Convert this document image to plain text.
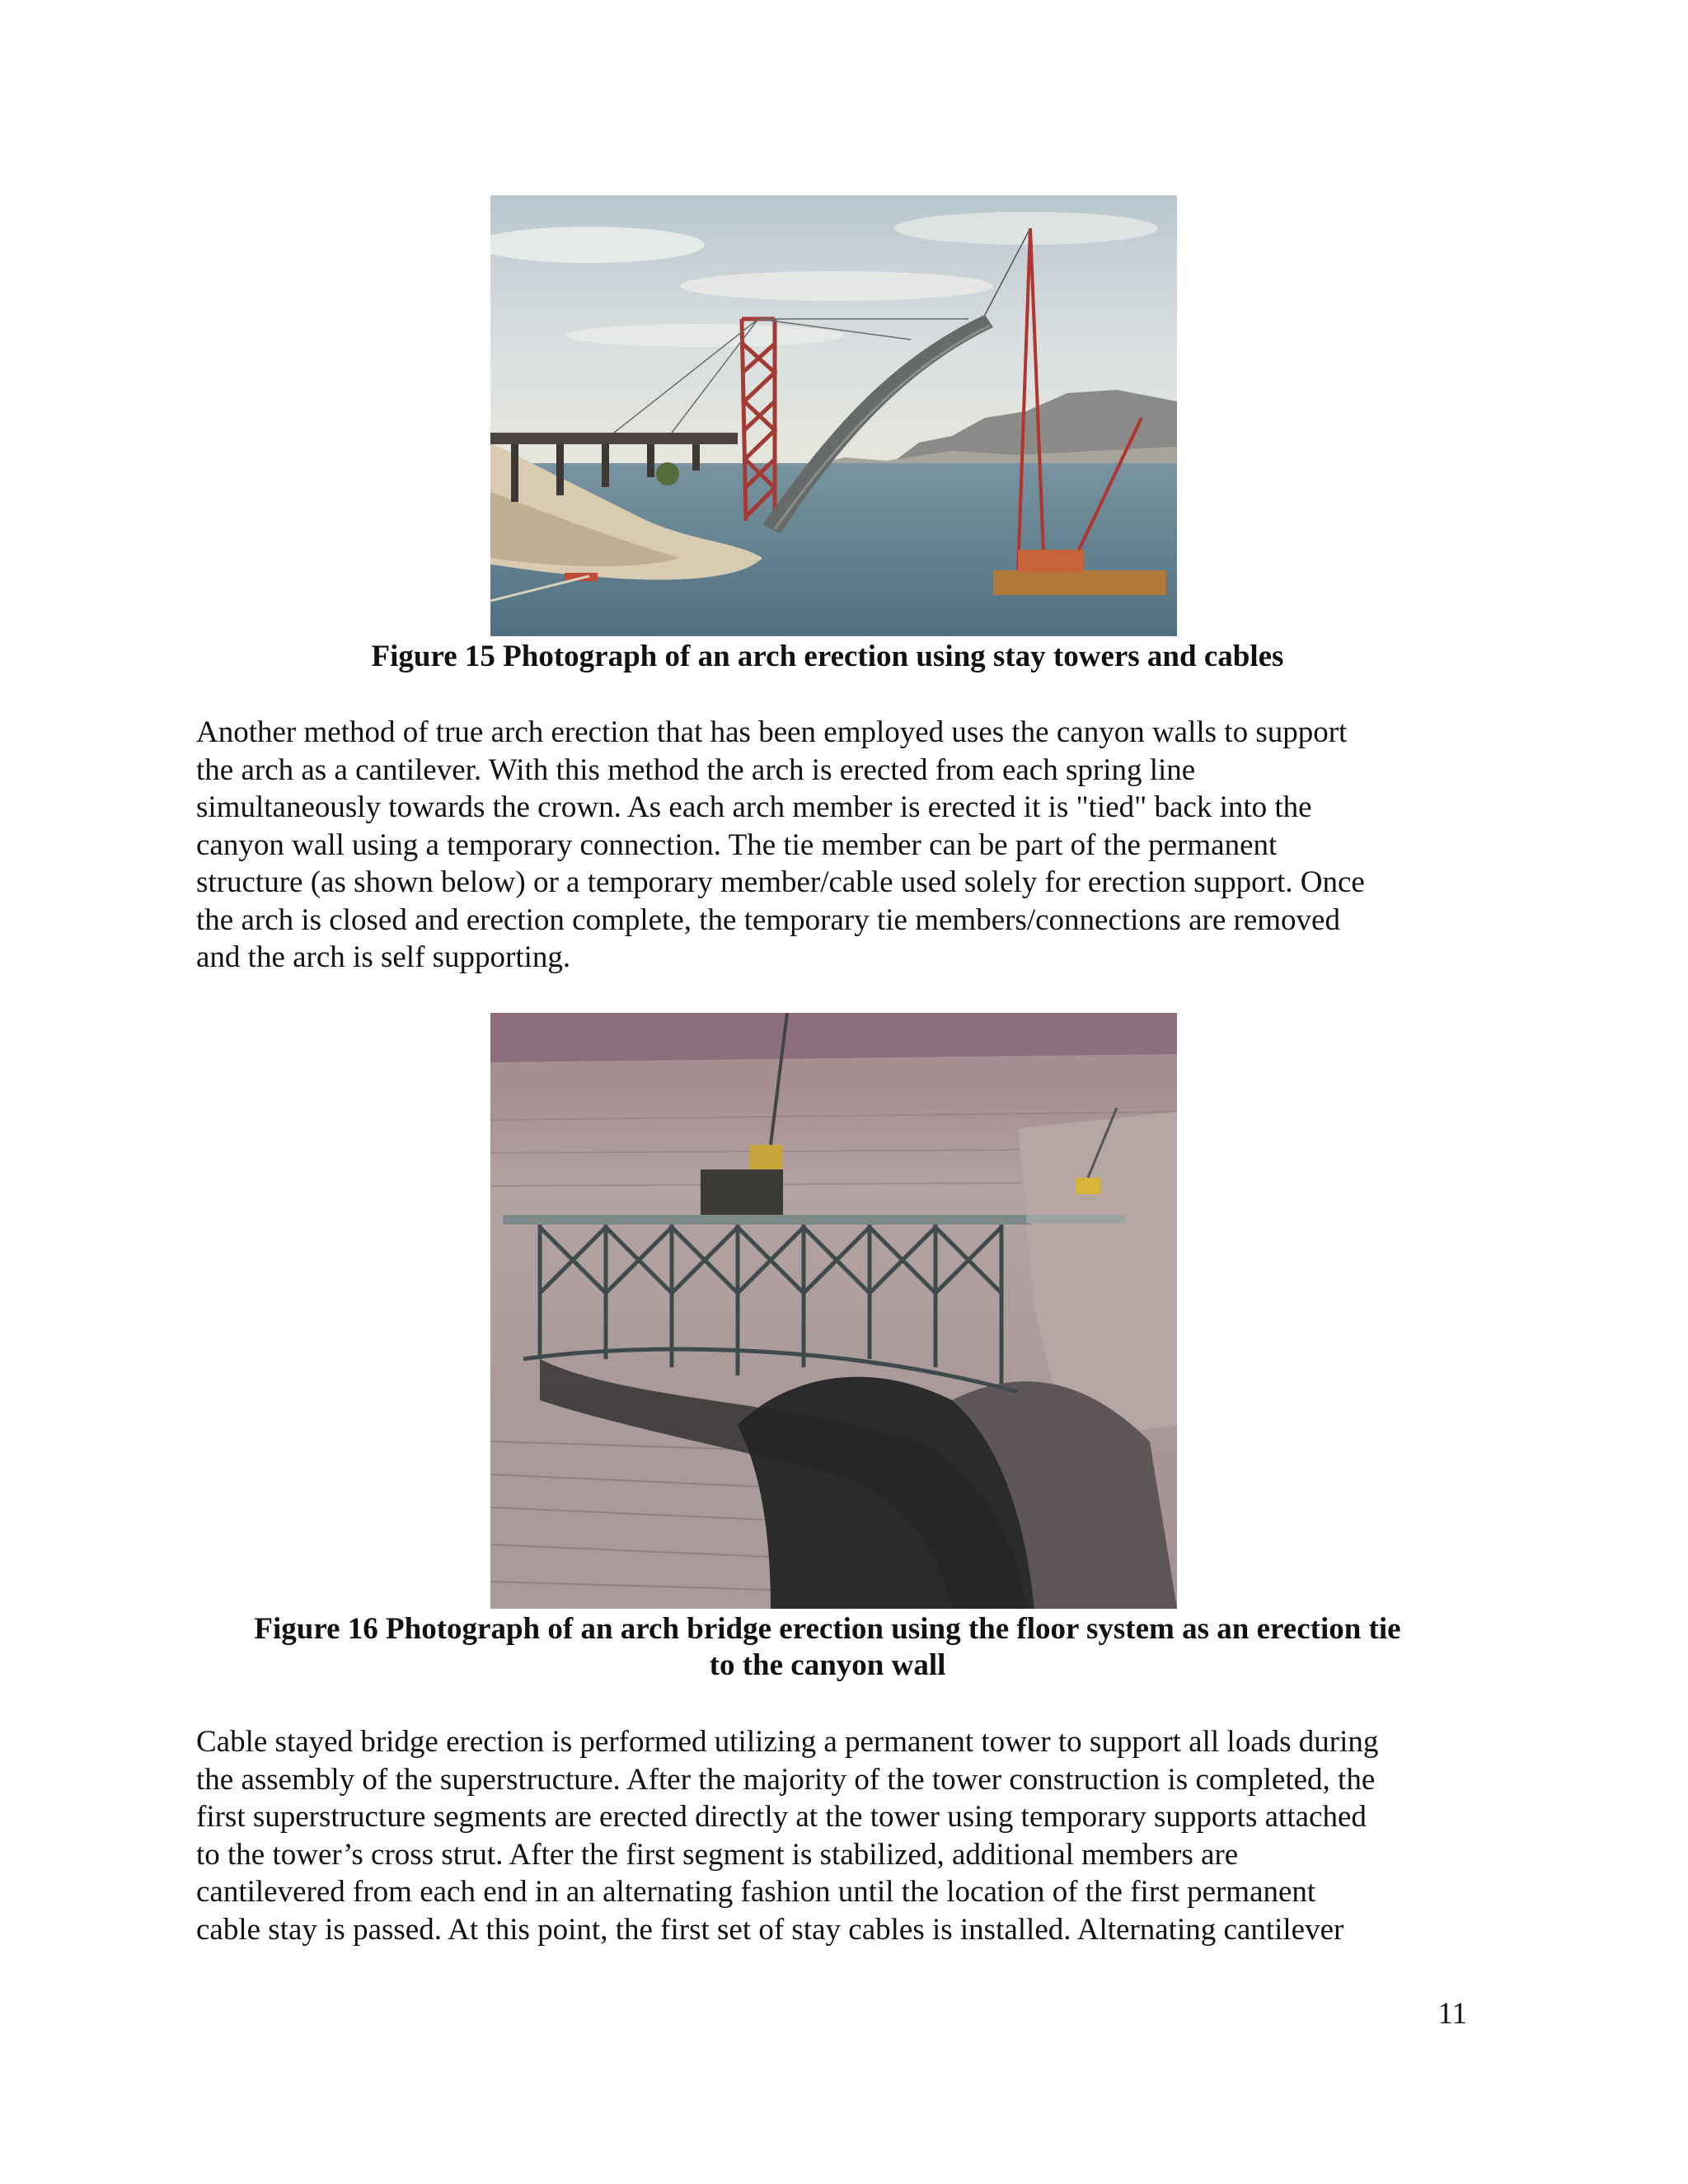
Figure 15 Photograph of an arch erection using stay towers and cables
Another method of true arch erection that has been employed uses the canyon walls to support
the arch as a cantilever. With this method the arch is erected from each spring line
simultaneously towards the crown. As each arch member is erected it is "tied" back into the
canyon wall using a temporary connection. The tie member can be part of the permanent
structure (as shown below) or a temporary member/cable used solely for erection support. Once
the arch is closed and erection complete, the temporary tie members/connections are removed
and the arch is self supporting.
Figure 16 Photograph of an arch bridge erection using the floor system as an erection tie
to the canyon wall
Cable stayed bridge erection is performed utilizing a permanent tower to support all loads during
the assembly of the superstructure. After the majority of the tower construction is completed, the
first superstructure segments are erected directly at the tower using temporary supports attached
to the tower’s cross strut. After the first segment is stabilized, additional members are
cantilevered from each end in an alternating fashion until the location of the first permanent
cable stay is passed. At this point, the first set of stay cables is installed. Alternating cantilever
11
